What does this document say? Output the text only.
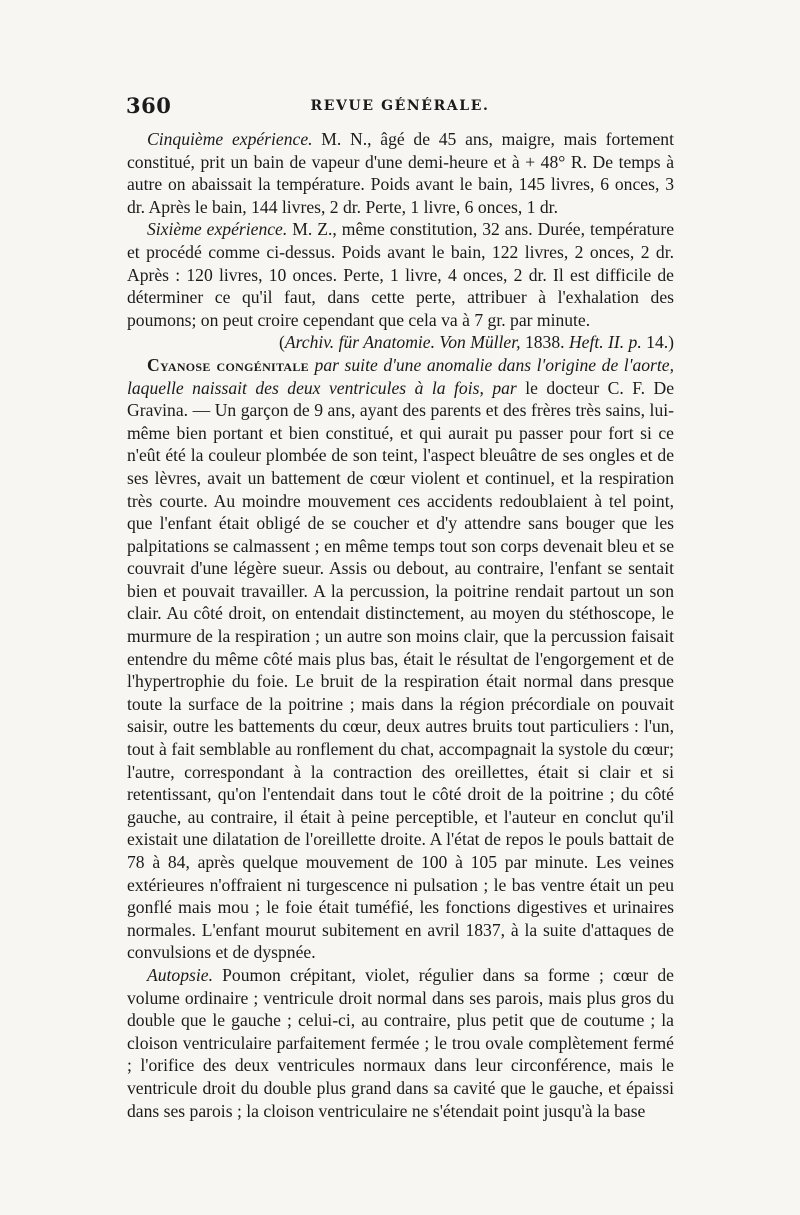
360	REVUE GÉNÉRALE.

Cinquième expérience. M. N., âgé de 45 ans, maigre, mais fortement constitué, prit un bain de vapeur d'une demi-heure et à + 48° R. De temps à autre on abaissait la température. Poids avant le bain, 145 livres, 6 onces, 3 dr. Après le bain, 144 livres, 2 dr. Perte, 1 livre, 6 onces, 1 dr.

Sixième expérience. M. Z., même constitution, 32 ans. Durée, température et procédé comme ci-dessus. Poids avant le bain, 122 livres, 2 onces, 2 dr. Après : 120 livres, 10 onces. Perte, 1 livre, 4 onces, 2 dr. Il est difficile de déterminer ce qu'il faut, dans cette perte, attribuer à l'exhalation des poumons; on peut croire cependant que cela va à 7 gr. par minute.

(Archiv. für Anatomie. Von Müller, 1838. Heft. II. p. 14.)

Cyanose congénitale par suite d'une anomalie dans l'origine de l'aorte, laquelle naissait des deux ventricules à la fois, par le docteur C. F. De Gravina. — Un garçon de 9 ans, ayant des parents et des frères très sains, lui-même bien portant et bien constitué, et qui aurait pu passer pour fort si ce n'eût été la couleur plombée de son teint, l'aspect bleuâtre de ses ongles et de ses lèvres, avait un battement de cœur violent et continuel, et la respiration très courte. Au moindre mouvement ces accidents redoublaient à tel point, que l'enfant était obligé de se coucher et d'y attendre sans bouger que les palpitations se calmassent ; en même temps tout son corps devenait bleu et se couvrait d'une légère sueur. Assis ou debout, au contraire, l'enfant se sentait bien et pouvait travailler. A la percussion, la poitrine rendait partout un son clair. Au côté droit, on entendait distinctement, au moyen du stéthoscope, le murmure de la respiration ; un autre son moins clair, que la percussion faisait entendre du même côté mais plus bas, était le résultat de l'engorgement et de l'hypertrophie du foie. Le bruit de la respiration était normal dans presque toute la surface de la poitrine ; mais dans la région précordiale on pouvait saisir, outre les battements du cœur, deux autres bruits tout particuliers : l'un, tout à fait semblable au ronflement du chat, accompagnait la systole du cœur; l'autre, correspondant à la contraction des oreillettes, était si clair et si retentissant, qu'on l'entendait dans tout le côté droit de la poitrine ; du côté gauche, au contraire, il était à peine perceptible, et l'auteur en conclut qu'il existait une dilatation de l'oreillette droite. A l'état de repos le pouls battait de 78 à 84, après quelque mouvement de 100 à 105 par minute. Les veines extérieures n'offraient ni turgescence ni pulsation ; le bas ventre était un peu gonflé mais mou ; le foie était tuméfié, les fonctions digestives et urinaires normales. L'enfant mourut subitement en avril 1837, à la suite d'attaques de convulsions et de dyspnée.

Autopsie. Poumon crépitant, violet, régulier dans sa forme ; cœur de volume ordinaire ; ventricule droit normal dans ses parois, mais plus gros du double que le gauche ; celui-ci, au contraire, plus petit que de coutume ; la cloison ventriculaire parfaitement fermée ; le trou ovale complètement fermé ; l'orifice des deux ventricules normaux dans leur circonférence, mais le ventricule droit du double plus grand dans sa cavité que le gauche, et épaissi dans ses parois ; la cloison ventriculaire ne s'étendait point jusqu'à la base
